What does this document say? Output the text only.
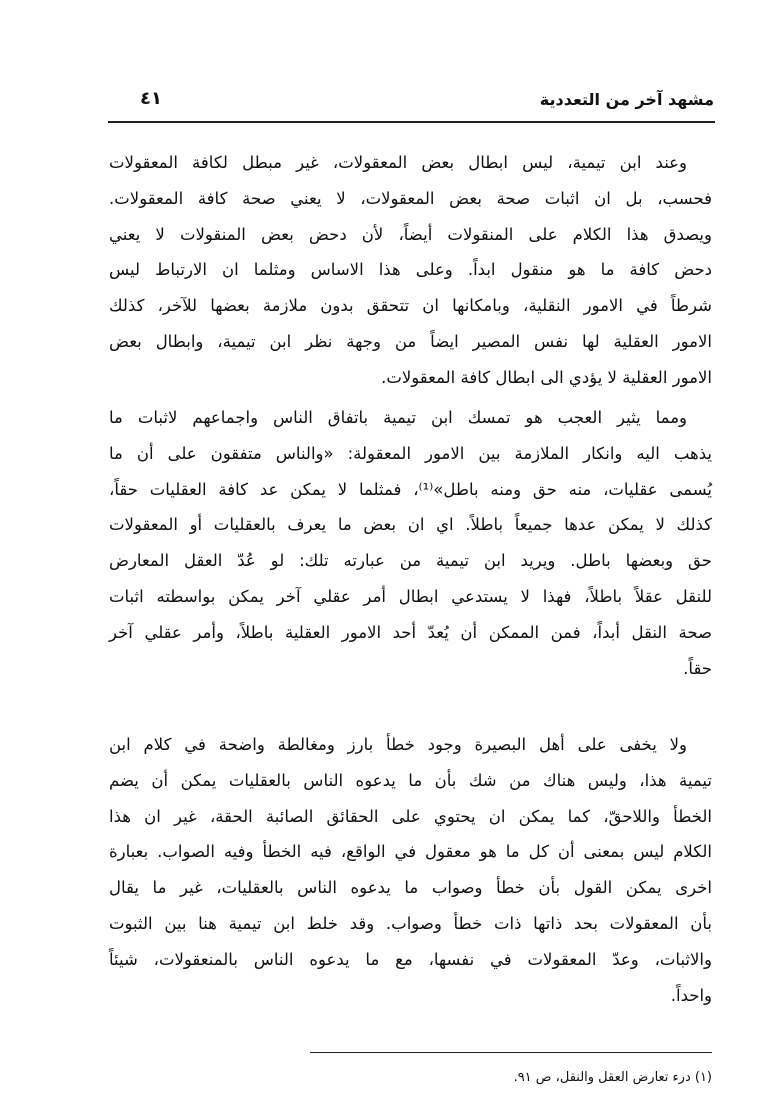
مشهد آخر من التعددية
٤١
وعند ابن تيمية، ليس ابطال بعض المعقولات، غير مبطل لكافة المعقولات
فحسب، بل ان اثبات صحة بعض المعقولات، لا يعني صحة كافة المعقولات.
ويصدق هذا الكلام على المنقولات أيضاً، لأن دحض بعض المنقولات لا يعني
دحض كافة ما هو منقول ابداً. وعلى هذا الاساس ومثلما ان الارتباط ليس
شرطاً في الامور النقلية، وبامكانها ان تتحقق بدون ملازمة بعضها للآخر، كذلك
الامور العقلية لها نفس المصير ايضاً من وجهة نظر ابن تيمية، وابطال بعض
الامور العقلية لا يؤدي الى ابطال كافة المعقولات.
ومما يثير العجب هو تمسك ابن تيمية باتفاق الناس واجماعهم لاثبات ما
يذهب اليه وانكار الملازمة بين الامور المعقولة: «والناس متفقون على أن ما
يُسمى عقليات، منه حق ومنه باطل»⁽¹⁾، فمثلما لا يمكن عد كافة العقليات حقاً،
كذلك لا يمكن عدها جميعاً باطلاً. اي ان بعض ما يعرف بالعقليات أو المعقولات
حق وبعضها باطل. ويريد ابن تيمية من عبارته تلك: لو عُدّ العقل المعارض
للنقل عقلاً باطلاً، فهذا لا يستدعي ابطال أمر عقلي آخر يمكن بواسطته اثبات
صحة النقل أبداً، فمن الممكن أن يُعدّ أحد الامور العقلية باطلاً، وأمر عقلي آخر
حقاً.
ولا يخفى على أهل البصيرة وجود خطأ بارز ومغالطة واضحة في كلام ابن
تيمية هذا، وليس هناك من شك بأن ما يدعوه الناس بالعقليات يمكن أن يضم
الخطأ واللاحقّ، كما يمكن ان يحتوي على الحقائق الصائبة الحقة، غير ان هذا
الكلام ليس بمعنى أن كل ما هو معقول في الواقع، فيه الخطأ وفيه الصواب. بعبارة
اخرى يمكن القول بأن خطأ وصواب ما يدعوه الناس بالعقليات، غير ما يقال
بأن المعقولات بحد ذاتها ذات خطأ وصواب. وقد خلط ابن تيمية هنا بين الثبوت
والاثبات، وعدّ المعقولات في نفسها، مع ما يدعوه الناس بالمنعقولات، شيئاً
واحداً.
(١) درء تعارض العقل والنقل، ص ٩١.
